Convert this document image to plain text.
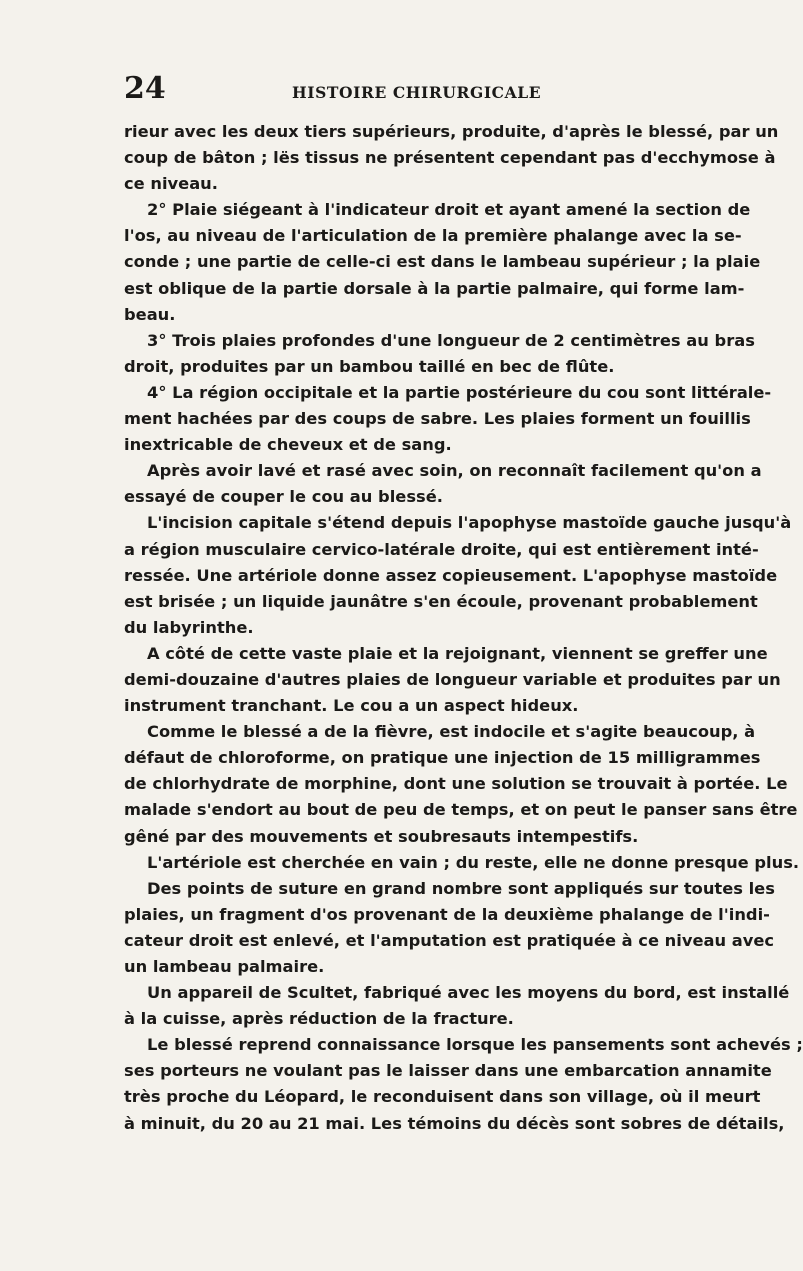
24	HISTOIRE CHIRURGICALE
rieur avec les deux tiers supérieurs, produite, d'après le blessé, par un
coup de bâton ; lës tissus ne présentent cependant pas d'ecchymose à
ce niveau.
2° Plaie siégeant à l'indicateur droit et ayant amené la section de
l'os, au niveau de l'articulation de la première phalange avec la se-
conde ; une partie de celle-ci est dans le lambeau supérieur ; la plaie
est oblique de la partie dorsale à la partie palmaire, qui forme lam-
beau.
3° Trois plaies profondes d'une longueur de 2 centimètres au bras
droit, produites par un bambou taillé en bec de flûte.
4° La région occipitale et la partie postérieure du cou sont littérale-
ment hachées par des coups de sabre. Les plaies forment un fouillis
inextricable de cheveux et de sang.
Après avoir lavé et rasé avec soin, on reconnaît facilement qu'on a
essayé de couper le cou au blessé.
L'incision capitale s'étend depuis l'apophyse mastoïde gauche jusqu'à
a région musculaire cervico-latérale droite, qui est entièrement inté-
ressée. Une artériole donne assez copieusement. L'apophyse mastoïde
est brisée ; un liquide jaunâtre s'en écoule, provenant probablement
du labyrinthe.
A côté de cette vaste plaie et la rejoignant, viennent se greffer une
demi-douzaine d'autres plaies de longueur variable et produites par un
instrument tranchant. Le cou a un aspect hideux.
Comme le blessé a de la fièvre, est indocile et s'agite beaucoup, à
défaut de chloroforme, on pratique une injection de 15 milligrammes
de chlorhydrate de morphine, dont une solution se trouvait à portée. Le
malade s'endort au bout de peu de temps, et on peut le panser sans être
gêné par des mouvements et soubresauts intempestifs.
L'artériole est cherchée en vain ; du reste, elle ne donne presque plus.
Des points de suture en grand nombre sont appliqués sur toutes les
plaies, un fragment d'os provenant de la deuxième phalange de l'indi-
cateur droit est enlevé, et l'amputation est pratiquée à ce niveau avec
un lambeau palmaire.
Un appareil de Scultet, fabriqué avec les moyens du bord, est installé
à la cuisse, après réduction de la fracture.
Le blessé reprend connaissance lorsque les pansements sont achevés ;
ses porteurs ne voulant pas le laisser dans une embarcation annamite
très proche du Léopard, le reconduisent dans son village, où il meurt
à minuit, du 20 au 21 mai. Les témoins du décès sont sobres de détails,
